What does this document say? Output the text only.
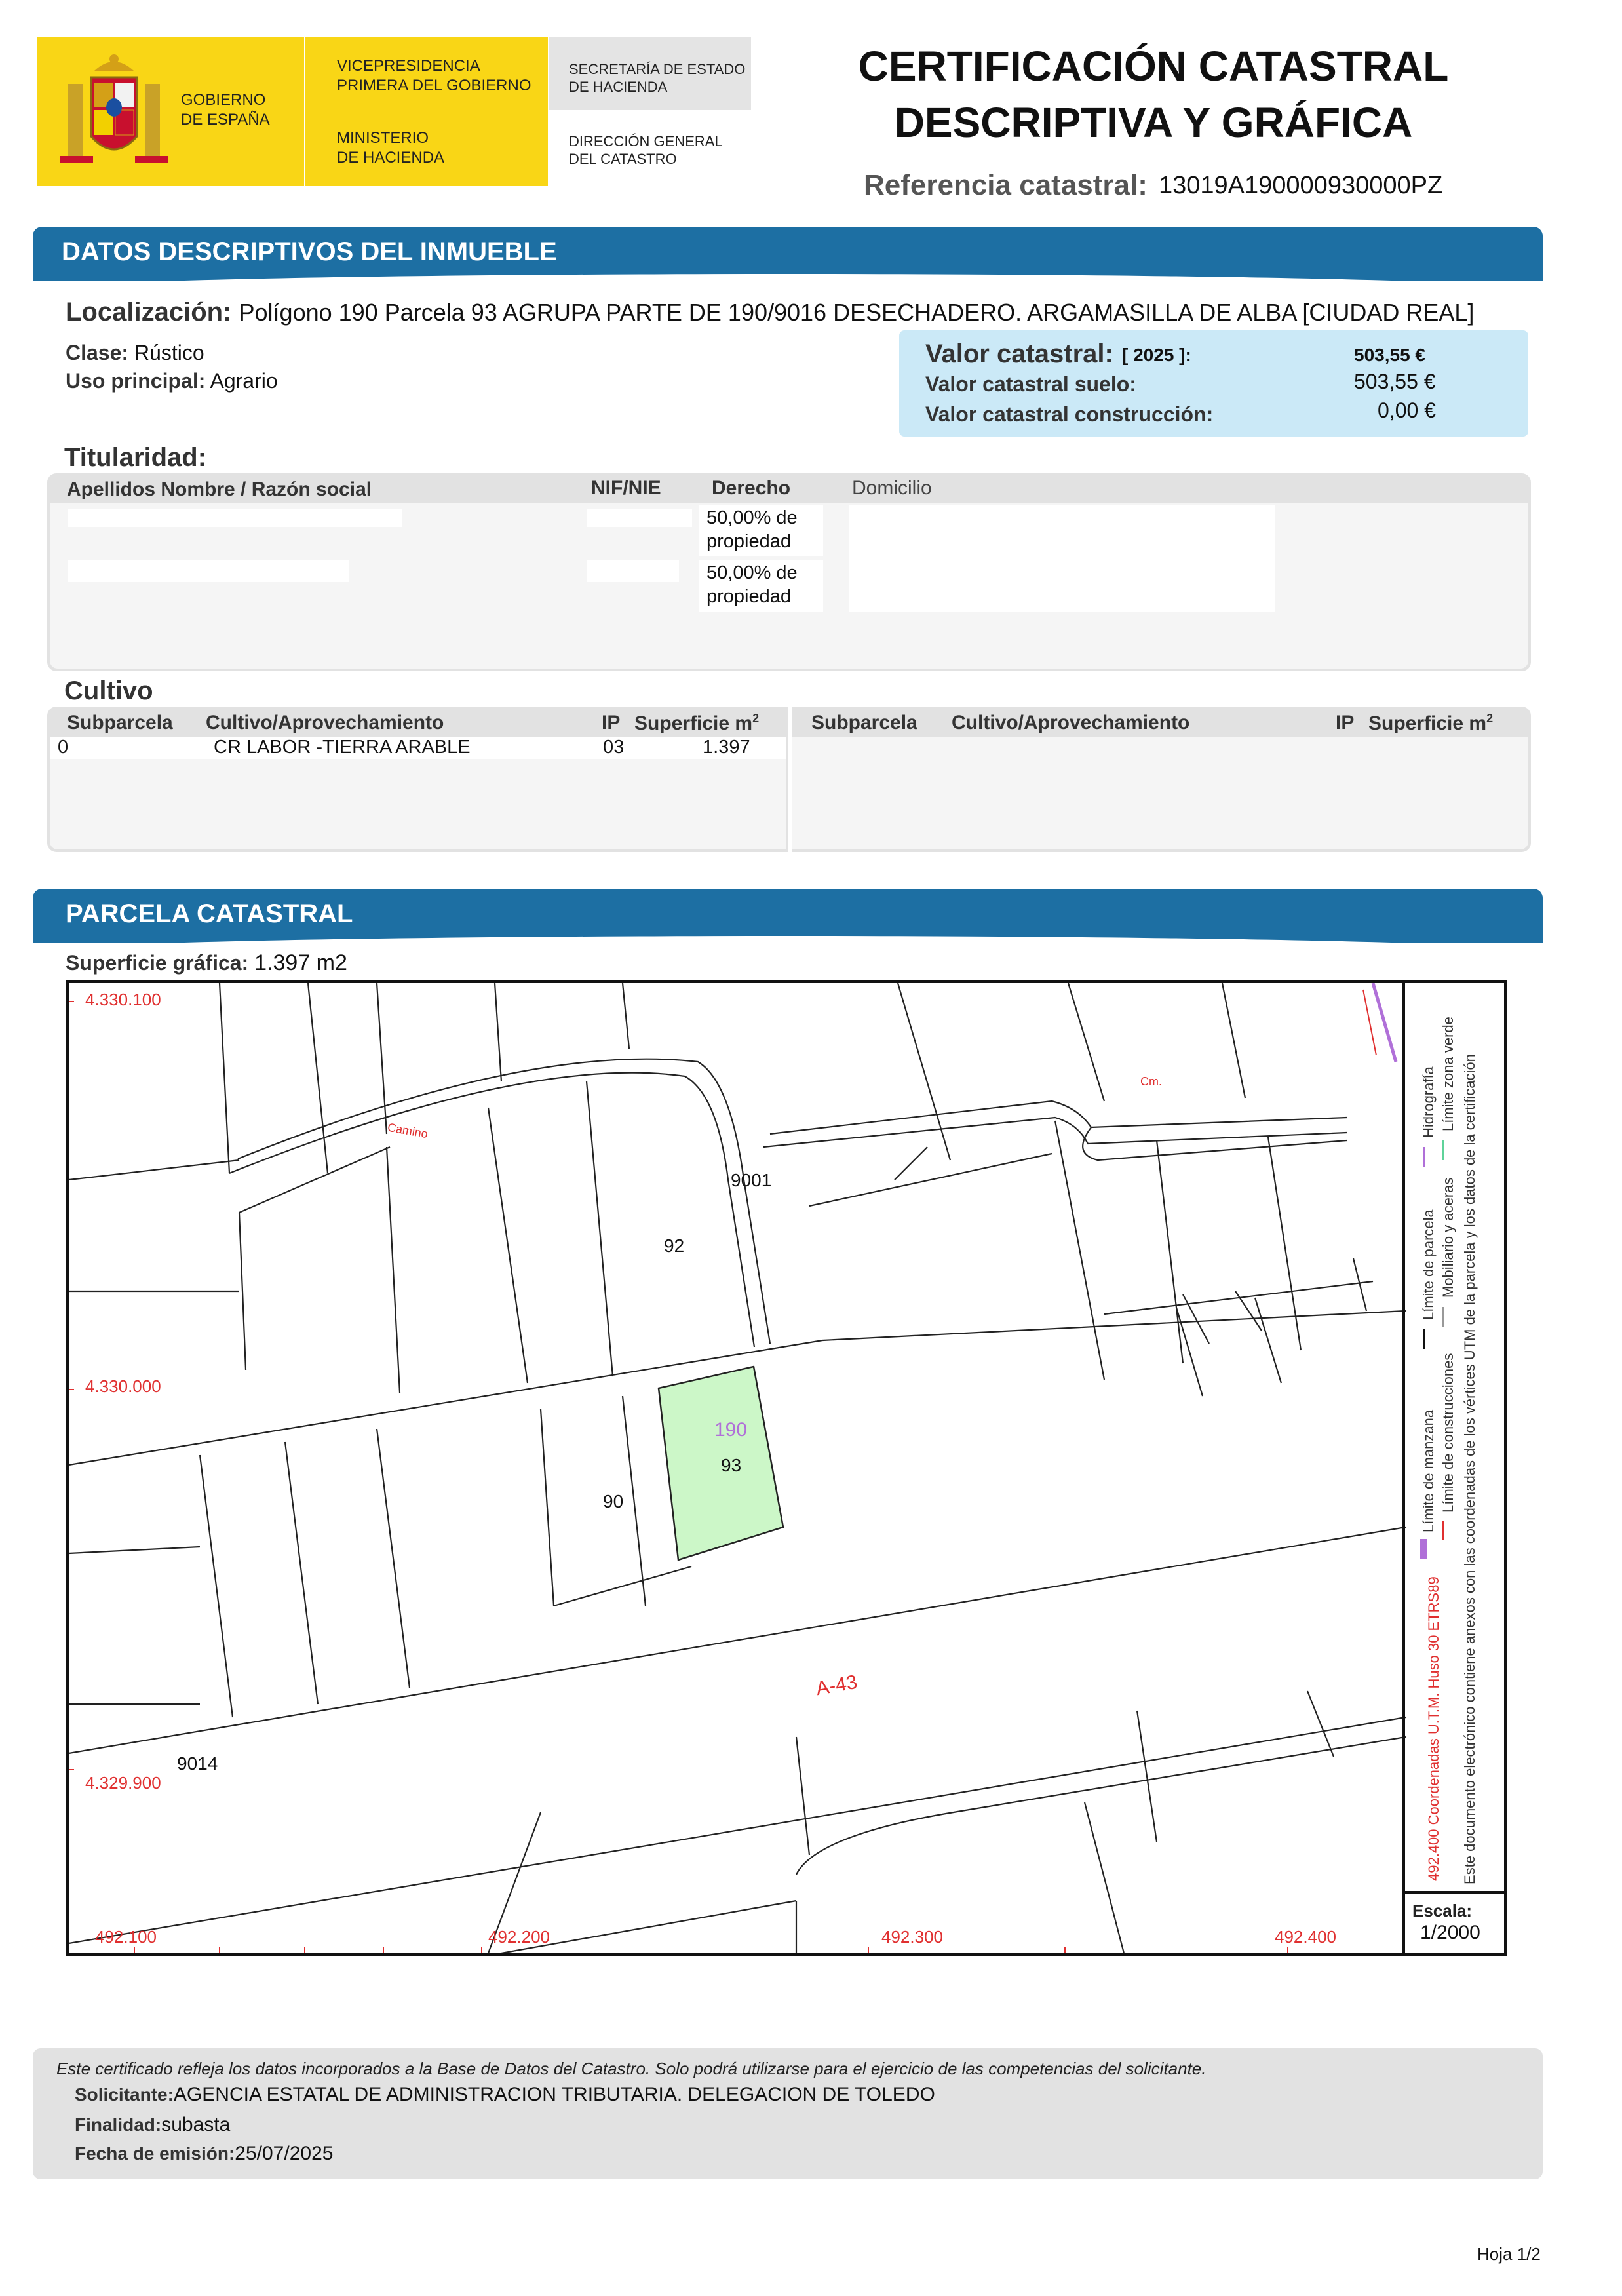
GOBIERNO
DE ESPAÑA
VICEPRESIDENCIA
PRIMERA DEL GOBIERNO
MINISTERIO
DE HACIENDA
SECRETARÍA DE ESTADO
DE HACIENDA
DIRECCIÓN GENERAL
DEL CATASTRO
CERTIFICACIÓN CATASTRAL
DESCRIPTIVA Y GRÁFICA
Referencia catastral: 13019A190000930000PZ
DATOS DESCRIPTIVOS DEL INMUEBLE
Localización: Polígono 190 Parcela 93 AGRUPA PARTE DE 190/9016 DESECHADERO. ARGAMASILLA DE ALBA [CIUDAD REAL]
Clase: Rústico
Uso principal: Agrario
Valor catastral: [ 2025 ]:	503,55 €
Valor catastral suelo:	503,55 €
Valor catastral construcción:	0,00 €
Titularidad:
Apellidos Nombre / Razón social	NIF/NIE	Derecho	Domicilio
50,00% de
propiedad
50,00% de
propiedad
Cultivo
Subparcela Cultivo/Aprovechamiento	IP Superficie $m^2$	Subparcela Cultivo/Aprovechamiento	IP Superficie $m^2$
0	CR LABOR -TIERRA ARABLE	03	1.397
PARCELA CATASTRAL
Superficie gráfica: 1.397 m2
4.330.100
4.330.000
4.329.900
492.100	492.200	492.300	492.400
Camino
Cm.
9001
92
190
93
90
A-43
9014	492.400 Coordenadas U.T.M. Huso 30 ETRS89
Límite de manzana
Límite de parcela
Hidrografía
Límite de construcciones
Mobiliario y aceras
Límite zona verde Este documento electrónico contiene anexos con las coordenadas de los vértices UTM de la parcela y los datos de la certificación
Escala:
1/2000
Este certificado refleja los datos incorporados a la Base de Datos del Catastro. Solo podrá utilizarse para el ejercicio de las competencias del solicitante.
Solicitante:AGENCIA ESTATAL DE ADMINISTRACION TRIBUTARIA. DELEGACION DE TOLEDO
Finalidad:subasta
Fecha de emisión:25/07/2025
Hoja 1/2
